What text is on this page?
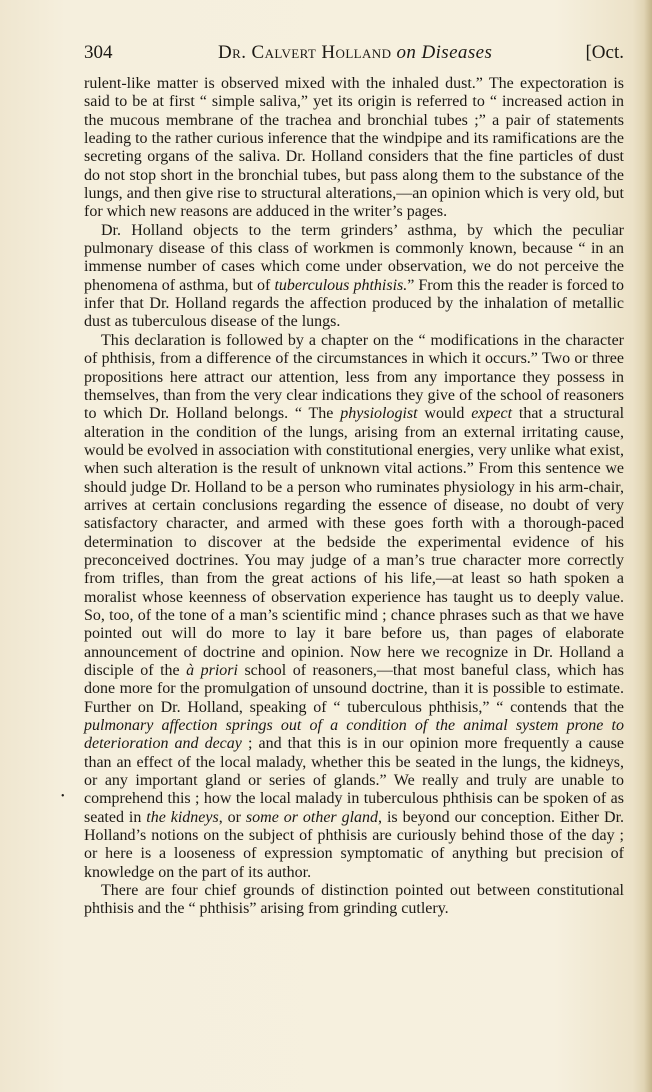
304	Dr. Calvert Holland on Diseases	[Oct.

rulent-like matter is observed mixed with the inhaled dust.” The expectoration is said to be at first “ simple saliva,” yet its origin is referred to “ increased action in the mucous membrane of the trachea and bronchial tubes ;” a pair of statements leading to the rather curious inference that the windpipe and its ramifications are the secreting organs of the saliva. Dr. Holland considers that the fine particles of dust do not stop short in the bronchial tubes, but pass along them to the substance of the lungs, and then give rise to structural alterations,—an opinion which is very old, but for which new reasons are adduced in the writer’s pages.

Dr. Holland objects to the term grinders’ asthma, by which the peculiar pulmonary disease of this class of workmen is commonly known, because “ in an immense number of cases which come under observation, we do not perceive the phenomena of asthma, but of tuberculous phthisis.” From this the reader is forced to infer that Dr. Holland regards the affection produced by the inhalation of metallic dust as tuberculous disease of the lungs.

This declaration is followed by a chapter on the “ modifications in the character of phthisis, from a difference of the circumstances in which it occurs.” Two or three propositions here attract our attention, less from any importance they possess in themselves, than from the very clear indications they give of the school of reasoners to which Dr. Holland belongs. “ The physiologist would expect that a structural alteration in the condition of the lungs, arising from an external irritating cause, would be evolved in association with constitutional energies, very unlike what exist, when such alteration is the result of unknown vital actions.” From this sentence we should judge Dr. Holland to be a person who ruminates physiology in his arm-chair, arrives at certain conclusions regarding the essence of disease, no doubt of very satisfactory character, and armed with these goes forth with a thorough-paced determination to discover at the bedside the experimental evidence of his preconceived doctrines. You may judge of a man’s true character more correctly from trifles, than from the great actions of his life,—at least so hath spoken a moralist whose keenness of observation experience has taught us to deeply value. So, too, of the tone of a man’s scientific mind ; chance phrases such as that we have pointed out will do more to lay it bare before us, than pages of elaborate announcement of doctrine and opinion. Now here we recognize in Dr. Holland a disciple of the à priori school of reasoners,—that most baneful class, which has done more for the promulgation of unsound doctrine, than it is possible to estimate. Further on Dr. Holland, speaking of “ tuberculous phthisis,” “ contends that the pulmonary affection springs out of a condition of the animal system prone to deterioration and decay ; and that this is in our opinion more frequently a cause than an effect of the local malady, whether this be seated in the lungs, the kidneys, or any important gland or series of glands.” We really and truly are unable to comprehend this ; how the local malady in tuberculous phthisis can be spoken of as seated in the kidneys, or some or other gland, is beyond our conception. Either Dr. Holland’s notions on the subject of phthisis are curiously behind those of the day ; or here is a looseness of expression symptomatic of anything but precision of knowledge on the part of its author.

There are four chief grounds of distinction pointed out between constitutional phthisis and the “ phthisis” arising from grinding cutlery.

•
